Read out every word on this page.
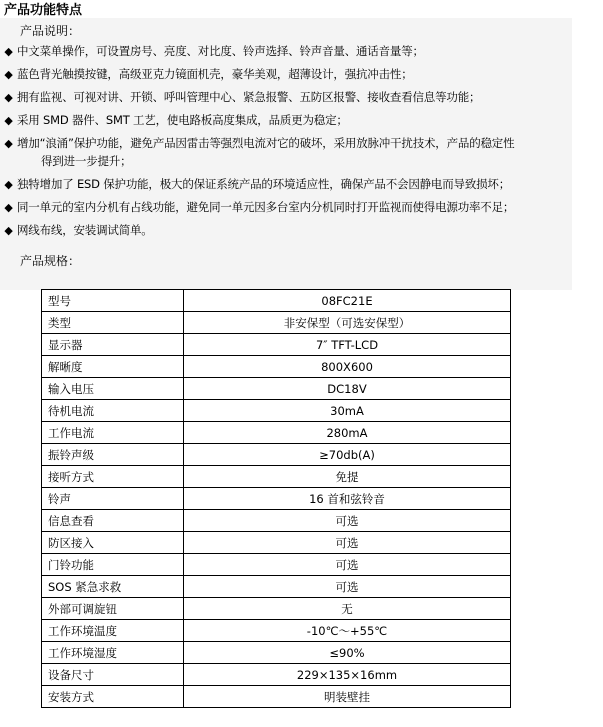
产品功能特点
产品说明：
◆ 中文菜单操作，可设置房号、亮度、对比度、铃声选择、铃声音量、通话音量等；
◆ 蓝色背光触摸按键，高级亚克力镜面机壳，豪华美观，超薄设计，强抗冲击性；
◆ 拥有监视、可视对讲、开锁、呼叫管理中心、紧急报警、五防区报警、接收查看信息等功能；
◆ 采用 SMD 器件、SMT 工艺，使电路板高度集成，品质更为稳定；
◆ 增加“浪涌”保护功能，避免产品因雷击等强烈电流对它的破坏，采用放脉冲干扰技术，产品的稳定性
得到进一步提升；
◆ 独特增加了 ESD 保护功能，极大的保证系统产品的环境适应性，确保产品不会因静电而导致损坏；
◆ 同一单元的室内分机有占线功能，避免同一单元因多台室内分机同时打开监视而使得电源功率不足；
◆ 网线布线，安装调试简单。
产品规格：
型号	08FC21E
类型	非安保型（可选安保型）
显示器	7″ TFT-LCD
解晰度	800X600
输入电压	DC18V
待机电流	30mA
工作电流	280mA
振铃声级	≥70db(A)
接听方式	免提
铃声	16 首和弦铃音
信息查看	可选
防区接入	可选
门铃功能	可选
SOS 紧急求救	可选
外部可调旋钮	无
工作环境温度	-10℃～+55℃
工作环境湿度	≤90%
设备尺寸	229×135×16mm
安装方式	明装壁挂
